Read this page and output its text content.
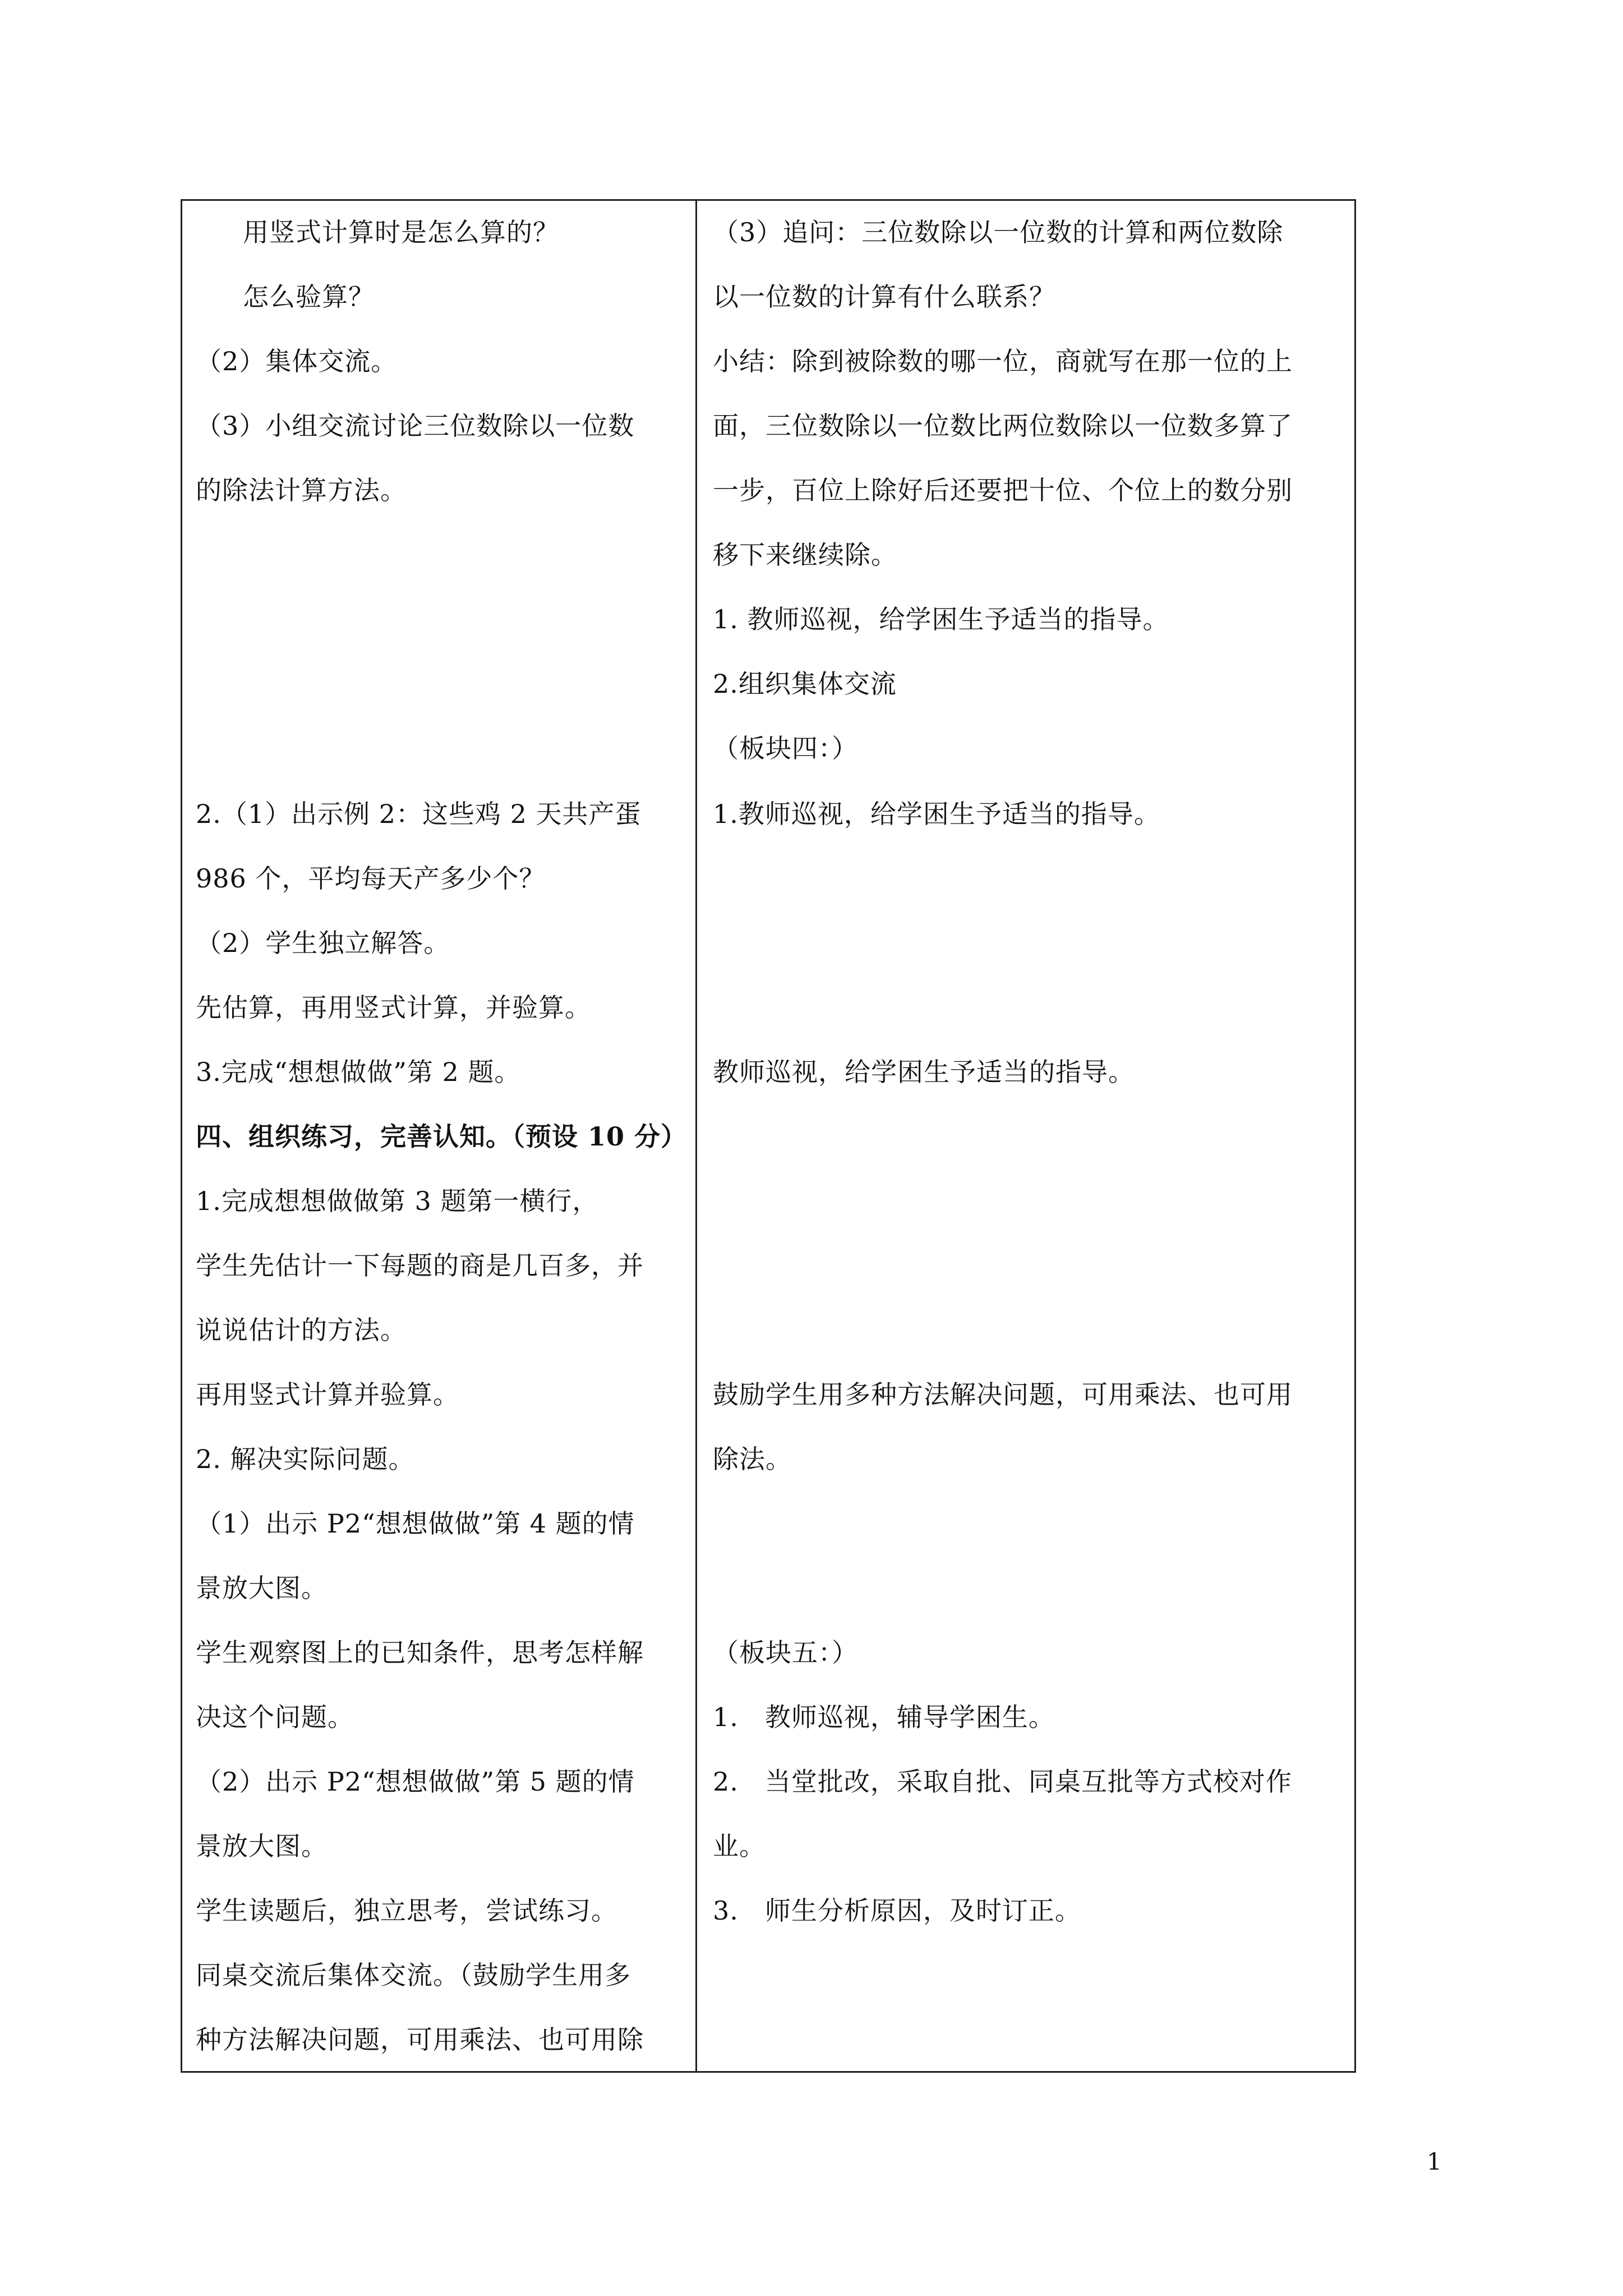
用竖式计算时是怎么算的？
怎么验算？
（2）集体交流。
（3）小组交流讨论三位数除以一位数
的除法计算方法。
2.（1）出示例 2：这些鸡 2 天共产蛋
986 个，平均每天产多少个？
（2）学生独立解答。
先估算，再用竖式计算，并验算。
3.完成“想想做做”第 2 题。
四、组织练习，完善认知。（预设 10 分）
1.完成想想做做第 3 题第一横行，
学生先估计一下每题的商是几百多，并
说说估计的方法。
再用竖式计算并验算。
2. 解决实际问题。
（1）出示 P2“想想做做”第 4 题的情
景放大图。
学生观察图上的已知条件，思考怎样解
决这个问题。
（2）出示 P2“想想做做”第 5 题的情
景放大图。
学生读题后，独立思考，尝试练习。
同桌交流后集体交流。（鼓励学生用多
种方法解决问题，可用乘法、也可用除
（3）追问：三位数除以一位数的计算和两位数除
以一位数的计算有什么联系？
小结：除到被除数的哪一位，商就写在那一位的上
面，三位数除以一位数比两位数除以一位数多算了
一步，百位上除好后还要把十位、个位上的数分别
移下来继续除。
1. 教师巡视，给学困生予适当的指导。
2.组织集体交流
（板块四：）
1.教师巡视，给学困生予适当的指导。
教师巡视，给学困生予适当的指导。
鼓励学生用多种方法解决问题，可用乘法、也可用
除法。
（板块五：）
1.　教师巡视，辅导学困生。
2.　当堂批改，采取自批、同桌互批等方式校对作
业。
3.　师生分析原因，及时订正。
1
